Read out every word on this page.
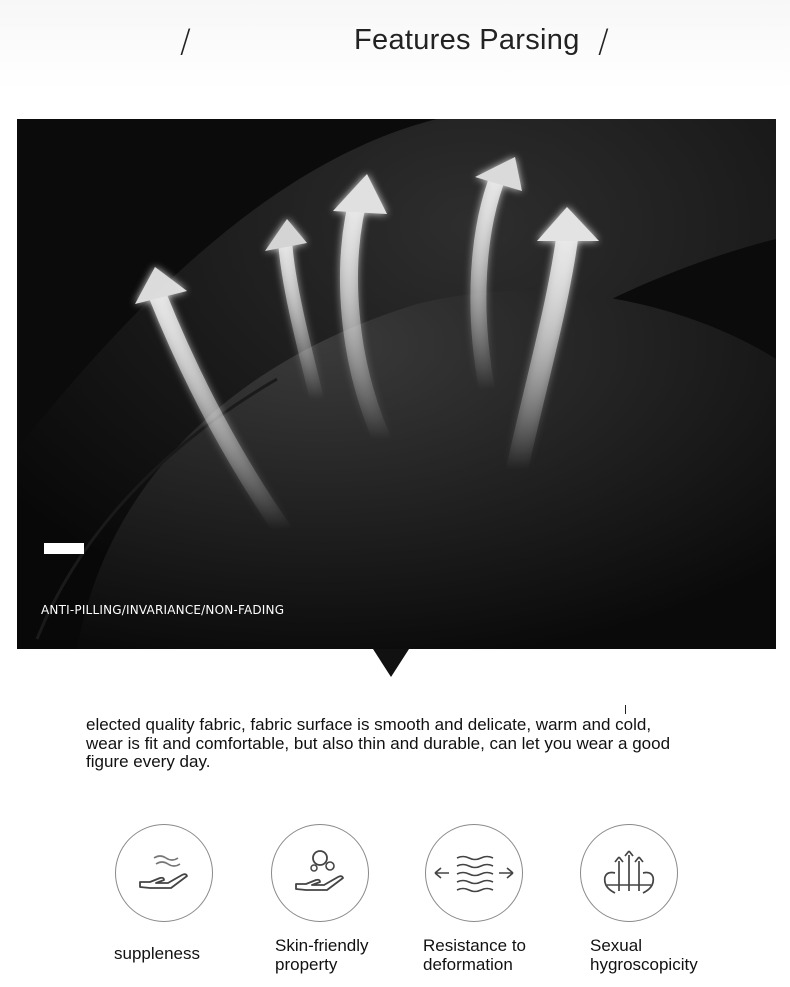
/	Features Parsing /
ANTI-PILLING/INVARIANCE/NON-FADING
elected quality fabric, fabric surface is smooth and delicate, warm and cold,
wear is fit and comfortable, but also thin and durable, can let you wear a good
figure every day.
suppleness	Skin-friendly
property
Resistance to
deformation
Sexual
hygroscopicity
